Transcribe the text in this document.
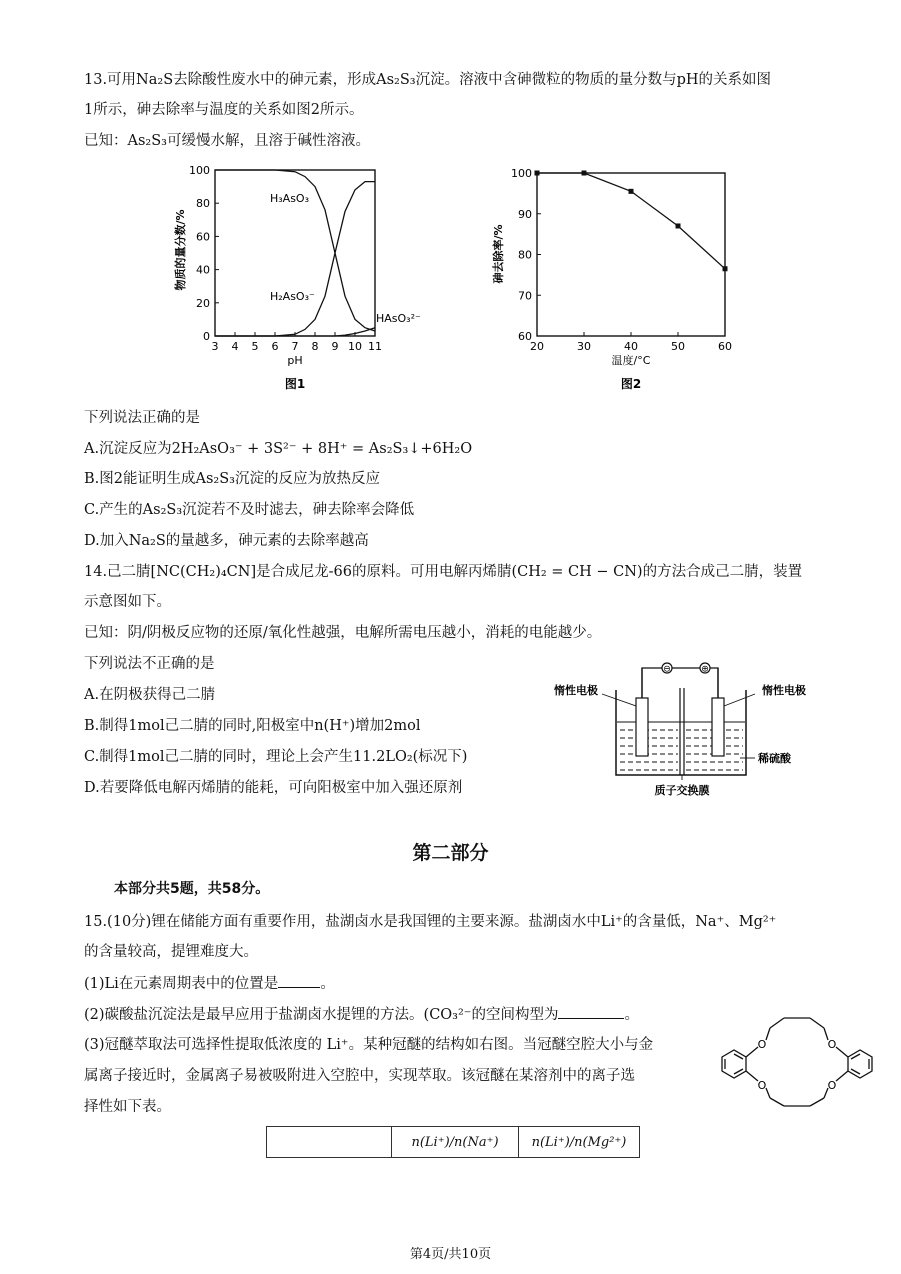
13.可用Na₂S去除酸性废水中的砷元素，形成As₂S₃沉淀。溶液中含砷微粒的物质的量分数与pH的关系如图
1所示，砷去除率与温度的关系如图2所示。
已知：As₂S₃可缓慢水解，且溶于碱性溶液。
物质的量分数/%
3 4 5 6 7 8 9 10 11
0
20
40
60
80
100
pH
图1
H₃AsO₃
H₂AsO₃⁻
HAsO₃²⁻
砷去除率/%
20	30	40	50	60
60
70
80
90
100
温度/°C
图2
下列说法正确的是
A.沉淀反应为2H₂AsO₃⁻ + 3S²⁻ + 8H⁺ = As₂S₃↓+6H₂O
B.图2能证明生成As₂S₃沉淀的反应为放热反应
C.产生的As₂S₃沉淀若不及时滤去，砷去除率会降低
D.加入Na₂S的量越多，砷元素的去除率越高
14.己二腈[NC(CH₂)₄CN]是合成尼龙-66的原料。可用电解丙烯腈(CH₂ = CH − CN)的方法合成己二腈，装置
示意图如下。
已知：阴/阴极反应物的还原/氧化性越强，电解所需电压越小，消耗的电能越少。
下列说法不正确的是
A.在阴极获得己二腈
B.制得1mol己二腈的同时,阳极室中n(H⁺)增加2mol
C.制得1mol己二腈的同时，理论上会产生11.2LO₂(标况下)
D.若要降低电解丙烯腈的能耗，可向阳极室中加入强还原剂
⊖	⊕
惰性电极	惰性电极
稀硫酸
质子交换膜
第二部分
本部分共5题，共58分。
15.(10分)锂在储能方面有重要作用，盐湖卤水是我国锂的主要来源。盐湖卤水中Li⁺的含量低，Na⁺、Mg²⁺
的含量较高，提锂难度大。
(1)Li在元素周期表中的位置是	。
(2)碳酸盐沉淀法是最早应用于盐湖卤水提锂的方法。(CO₃²⁻的空间构型为	。
(3)冠醚萃取法可选择性提取低浓度的 Li⁺。某种冠醚的结构如右图。当冠醚空腔大小与金
属离子接近时，金属离子易被吸附进入空腔中，实现萃取。该冠醚在某溶剂中的离子选
择性如下表。
O	O
O	O
	n(Li⁺)/n(Na⁺)	n(Li⁺)/n(Mg²⁺)
第4页/共10页
